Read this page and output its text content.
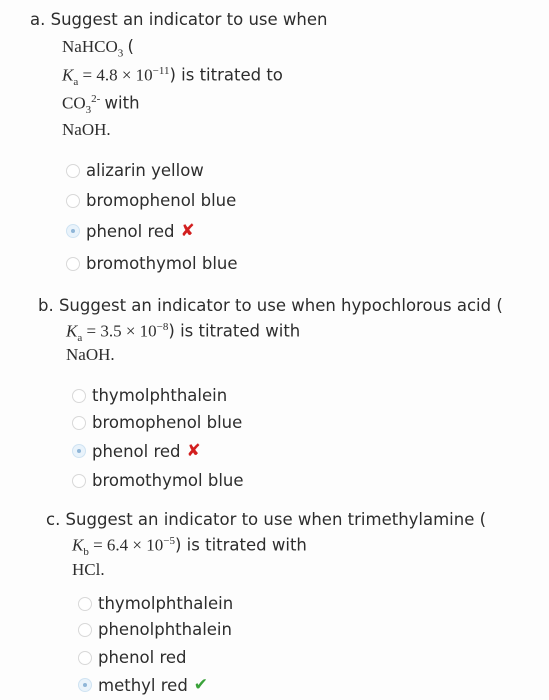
a. Suggest an indicator to use when
NaHCO$_3$ (
$K_a = 4.8 \times 10^{-11}$) is titrated to
$CO_3^{2-}$ with
NaOH.
alizarin yellow
bromophenol blue
phenol red ✘
bromothymol blue
b. Suggest an indicator to use when hypochlorous acid (
$K_a = 3.5 \times 10^{-8}$) is titrated with
NaOH.
thymolphthalein
bromophenol blue
phenol red ✘
bromothymol blue
c. Suggest an indicator to use when trimethylamine (
$K_b = 6.4 \times 10^{-5}$) is titrated with
HCl.
thymolphthalein
phenolphthalein
phenol red
methyl red ✔
